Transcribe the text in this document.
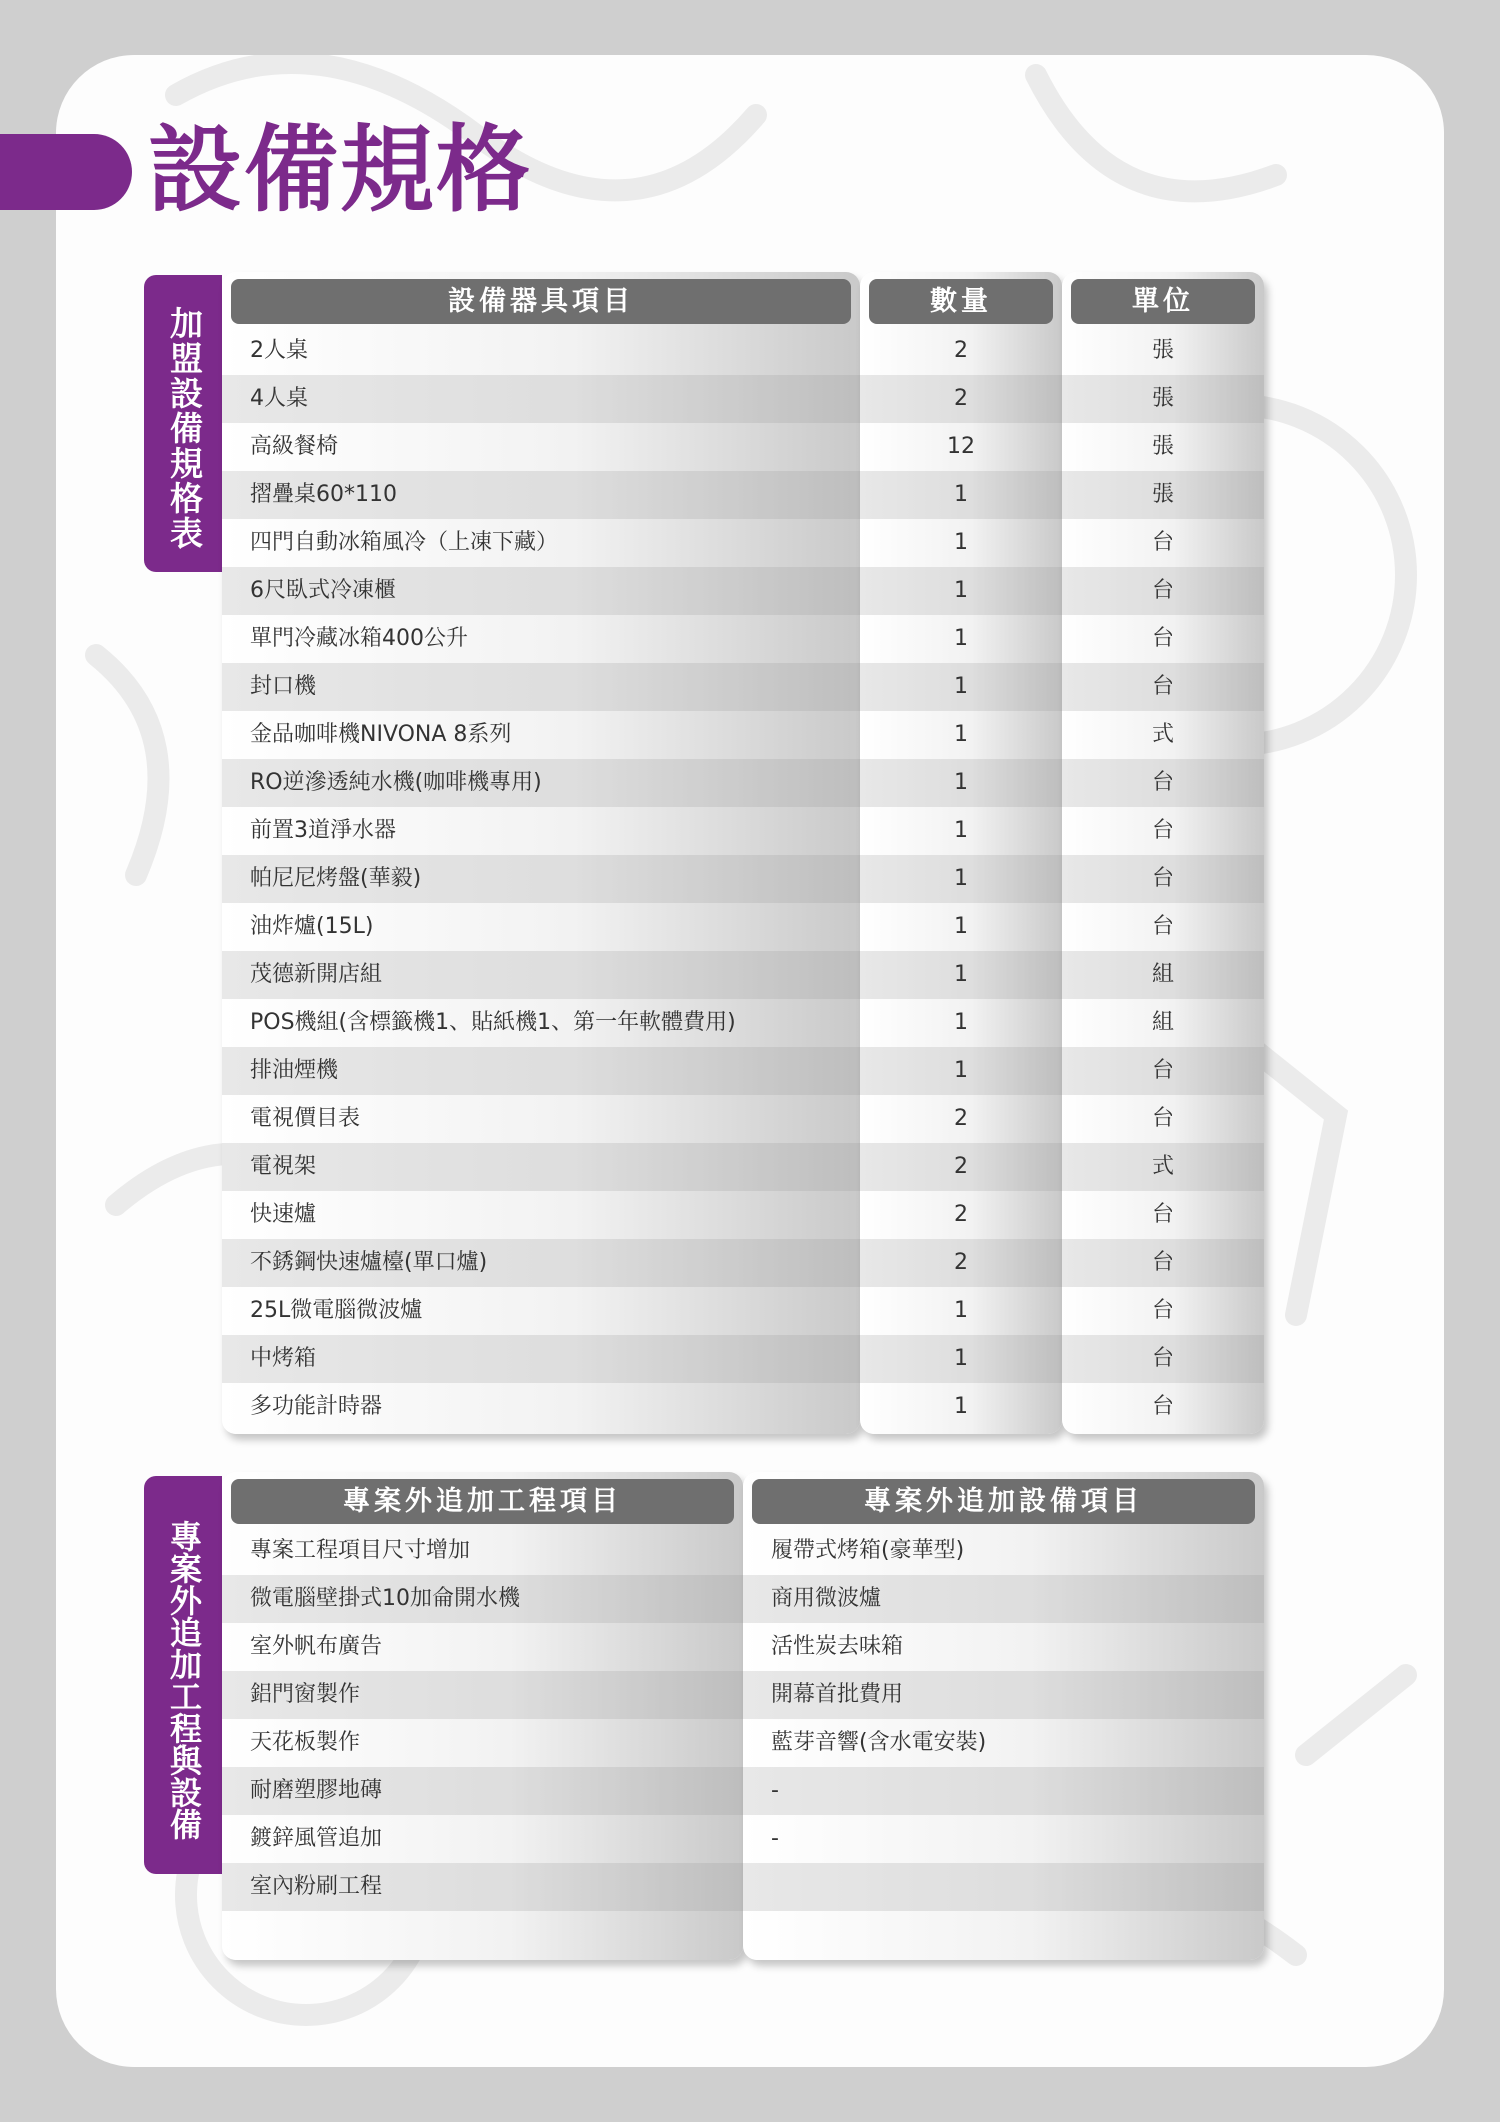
設備規格
加盟設備規格表
設備器具項目
2人桌
4人桌
高級餐椅
摺疊桌60*110
四門自動冰箱風冷（上凍下藏）
6尺臥式冷凍櫃
單門冷藏冰箱400公升
封口機
金品咖啡機NIVONA 8系列
RO逆滲透純水機(咖啡機專用)
前置3道淨水器
帕尼尼烤盤(華毅)
油炸爐(15L)
茂德新開店組
POS機組(含標籤機1、貼紙機1、第一年軟體費用)
排油煙機
電視價目表
電視架
快速爐
不銹鋼快速爐檯(單口爐)
25L微電腦微波爐
中烤箱
多功能計時器
數量
2
2
12
1
1
1
1
1
1
1
1
1
1
1
1
1
2
2
2
2
1
1
1
單位
張
張
張
張
台
台
台
台
式
台
台
台
台
組
組
台
台
式
台
台
台
台
台
專案外追加工程與設備
專案外追加工程項目
專案工程項目尺寸增加
微電腦壁掛式10加侖開水機
室外帆布廣告
鋁門窗製作
天花板製作
耐磨塑膠地磚
鍍鋅風管追加
室內粉刷工程
專案外追加設備項目
履帶式烤箱(豪華型)
商用微波爐
活性炭去味箱
開幕首批費用
藍芽音響(含水電安裝)
-
-
